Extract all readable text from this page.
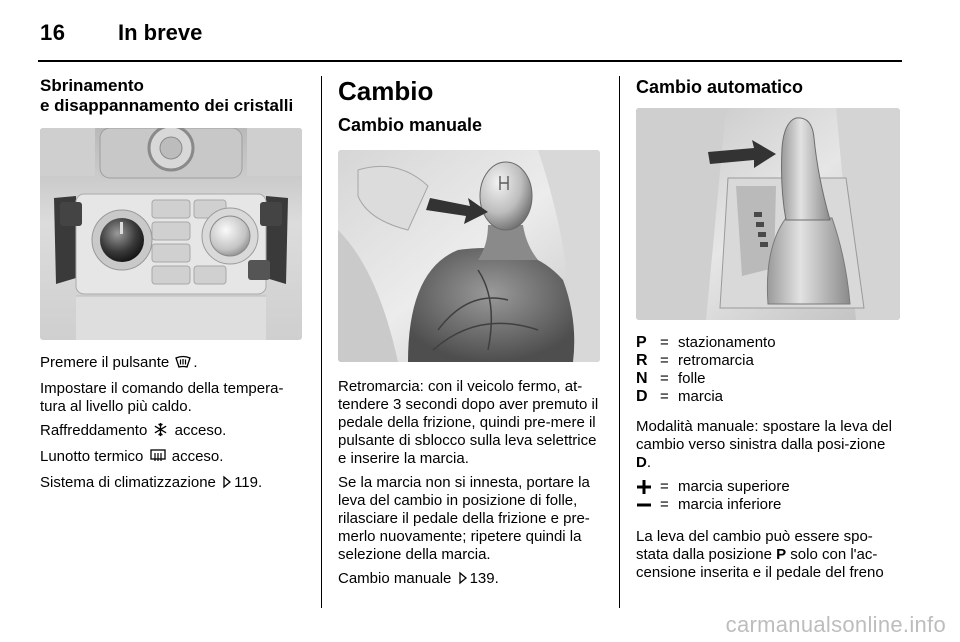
16 In breve
Sbrinamento
e disappannamento dei cristalli

Premere il pulsante .

Impostare il comando della tempera-tura al livello più caldo.

Raffreddamento acceso.

Lunotto termico acceso.

Sistema di climatizzazione 119.

Cambio
Cambio manuale

Retromarcia: con il veicolo fermo, at-tendere 3 secondi dopo aver premuto il pedale della frizione, quindi pre-mere il pulsante di sblocco sulla leva selettrice e inserire la marcia.

Se la marcia non si innesta, portare la leva del cambio in posizione di folle, rilasciare il pedale della frizione e pre-merlo nuovamente; ripetere quindi la selezione della marcia.

Cambio manuale 139.

Cambio automatico
P = stazionamento
R = retromarcia
N = folle
D = marcia

Modalità manuale: spostare la leva del cambio verso sinistra dalla posi-zione D.

= marcia superiore
= marcia inferiore

La leva del cambio può essere spo-stata dalla posizione P solo con l'ac-censione inserita e il pedale del freno

carmanualsonline.info
